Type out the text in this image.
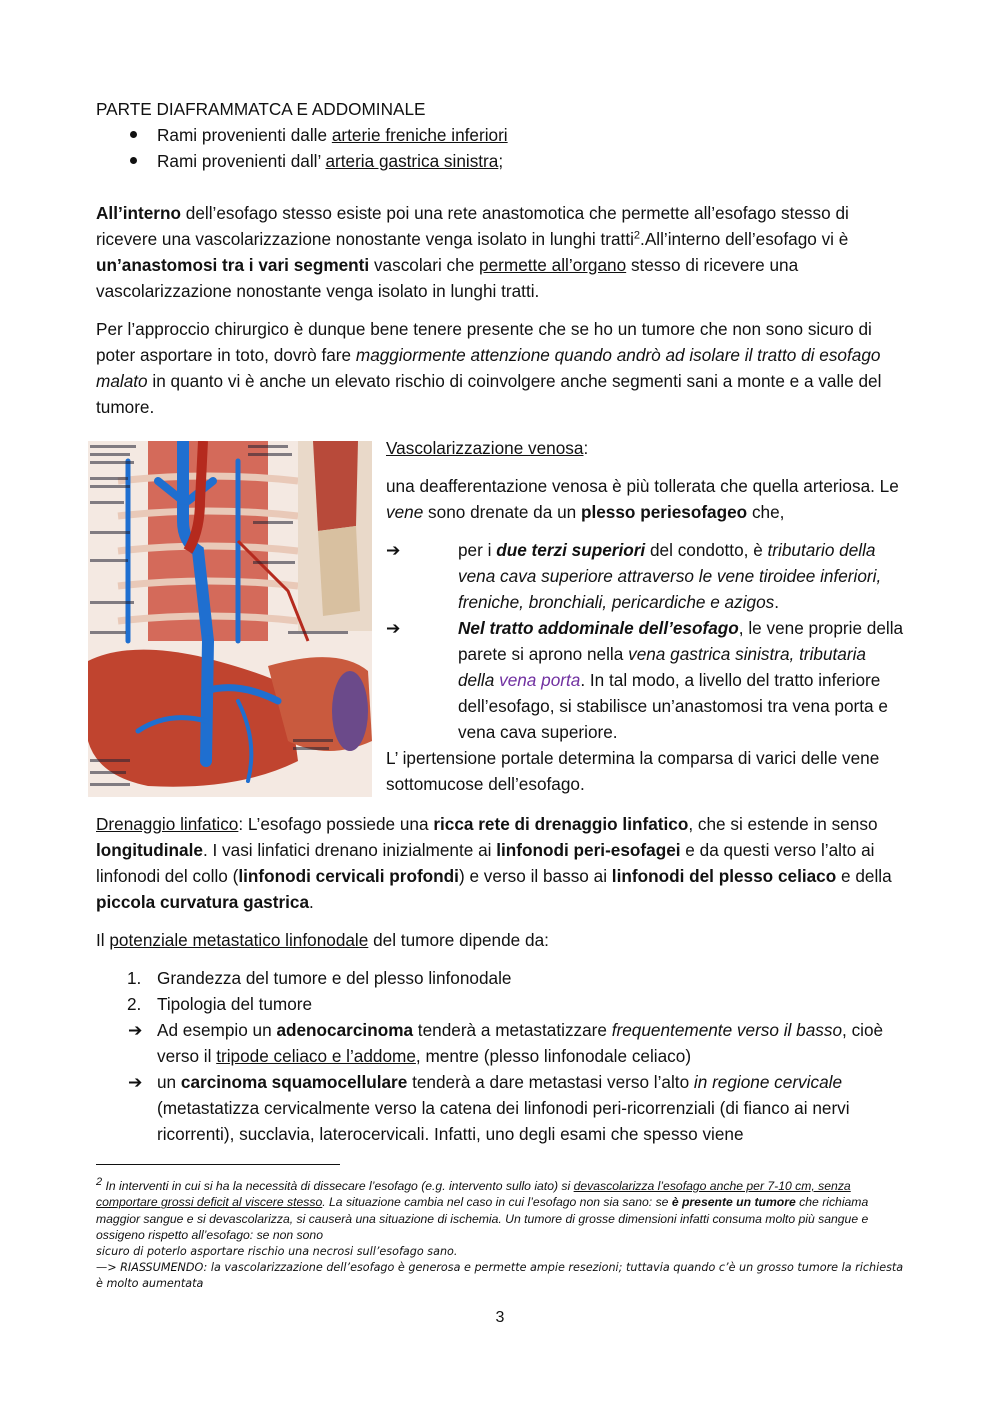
PARTE DIAFRAMMATCA E ADDOMINALE

Rami provenienti dalle arterie freniche inferiori
Rami provenienti dall’ arteria gastrica sinistra;

All’interno dell’esofago stesso esiste poi una rete anastomotica che permette all’esofago stesso di ricevere una vascolarizzazione nonostante venga isolato in lunghi tratti$^2$.All’interno dell’esofago vi è un’anastomosi tra i vari segmenti vascolari che permette all’organo stesso di ricevere una vascolarizzazione nonostante venga isolato in lunghi tratti.

Per l’approccio chirurgico è dunque bene tenere presente che se ho un tumore che non sono sicuro di poter asportare in toto, dovrò fare maggiormente attenzione quando andrò ad isolare il tratto di esofago malato in quanto vi è anche un elevato rischio di coinvolgere anche segmenti sani a monte e a valle del tumore.

Vascolarizzazione venosa:

una deafferentazione venosa è più tollerata che quella arteriosa. Le vene sono drenate da un plesso periesofageo che,

➔	per i due terzi superiori del condotto, è tributario della vena cava superiore attraverso le vene tiroidee inferiori, freniche, bronchiali, pericardiche e azigos.

➔	Nel tratto addominale dell’esofago, le vene proprie della parete si aprono nella vena gastrica sinistra, tributaria della vena porta. In tal modo, a livello del tratto inferiore dell’esofago, si stabilisce un’anastomosi tra vena porta e vena cava superiore.

L’ ipertensione portale determina la comparsa di varici delle vene sottomucose dell’esofago.

Drenaggio linfatico: L’esofago possiede una ricca rete di drenaggio linfatico, che si estende in senso longitudinale. I vasi linfatici drenano inizialmente ai linfonodi peri-esofagei e da questi verso l’alto ai linfonodi del collo (linfonodi cervicali profondi) e verso il basso ai linfonodi del plesso celiaco e della piccola curvatura gastrica.

Il potenziale metastatico linfonodale del tumore dipende da:

1. Grandezza del tumore e del plesso linfonodale
2. Tipologia del tumore
➔ Ad esempio un adenocarcinoma tenderà a metastatizzare frequentemente verso il basso, cioè verso il tripode celiaco e l’addome, mentre (plesso linfonodale celiaco)
➔ un carcinoma squamocellulare tenderà a dare metastasi verso l’alto in regione cervicale (metastatizza cervicalmente verso la catena dei linfonodi peri-ricorrenziali (di fianco ai nervi ricorrenti), succlavia, laterocervicali. Infatti, uno degli esami che spesso viene

2 In interventi in cui si ha la necessità di dissecare l’esofago (e.g. intervento sullo iato) si devascolarizza l’esofago anche per 7-10 cm, senza comportare grossi deficit al viscere stesso. La situazione cambia nel caso in cui l’esofago non sia sano: se è presente un tumore che richiama maggior sangue e si devascolarizza, si causerà una situazione di ischemia. Un tumore di grosse dimensioni infatti consuma molto più sangue e ossigeno rispetto all’esofago: se non sono

sicuro di poterlo asportare rischio una necrosi sull’esofago sano.

—> RIASSUMENDO: la vascolarizzazione dell’esofago è generosa e permette ampie resezioni; tuttavia quando c’è un grosso tumore la richiesta è molto aumentata

3
